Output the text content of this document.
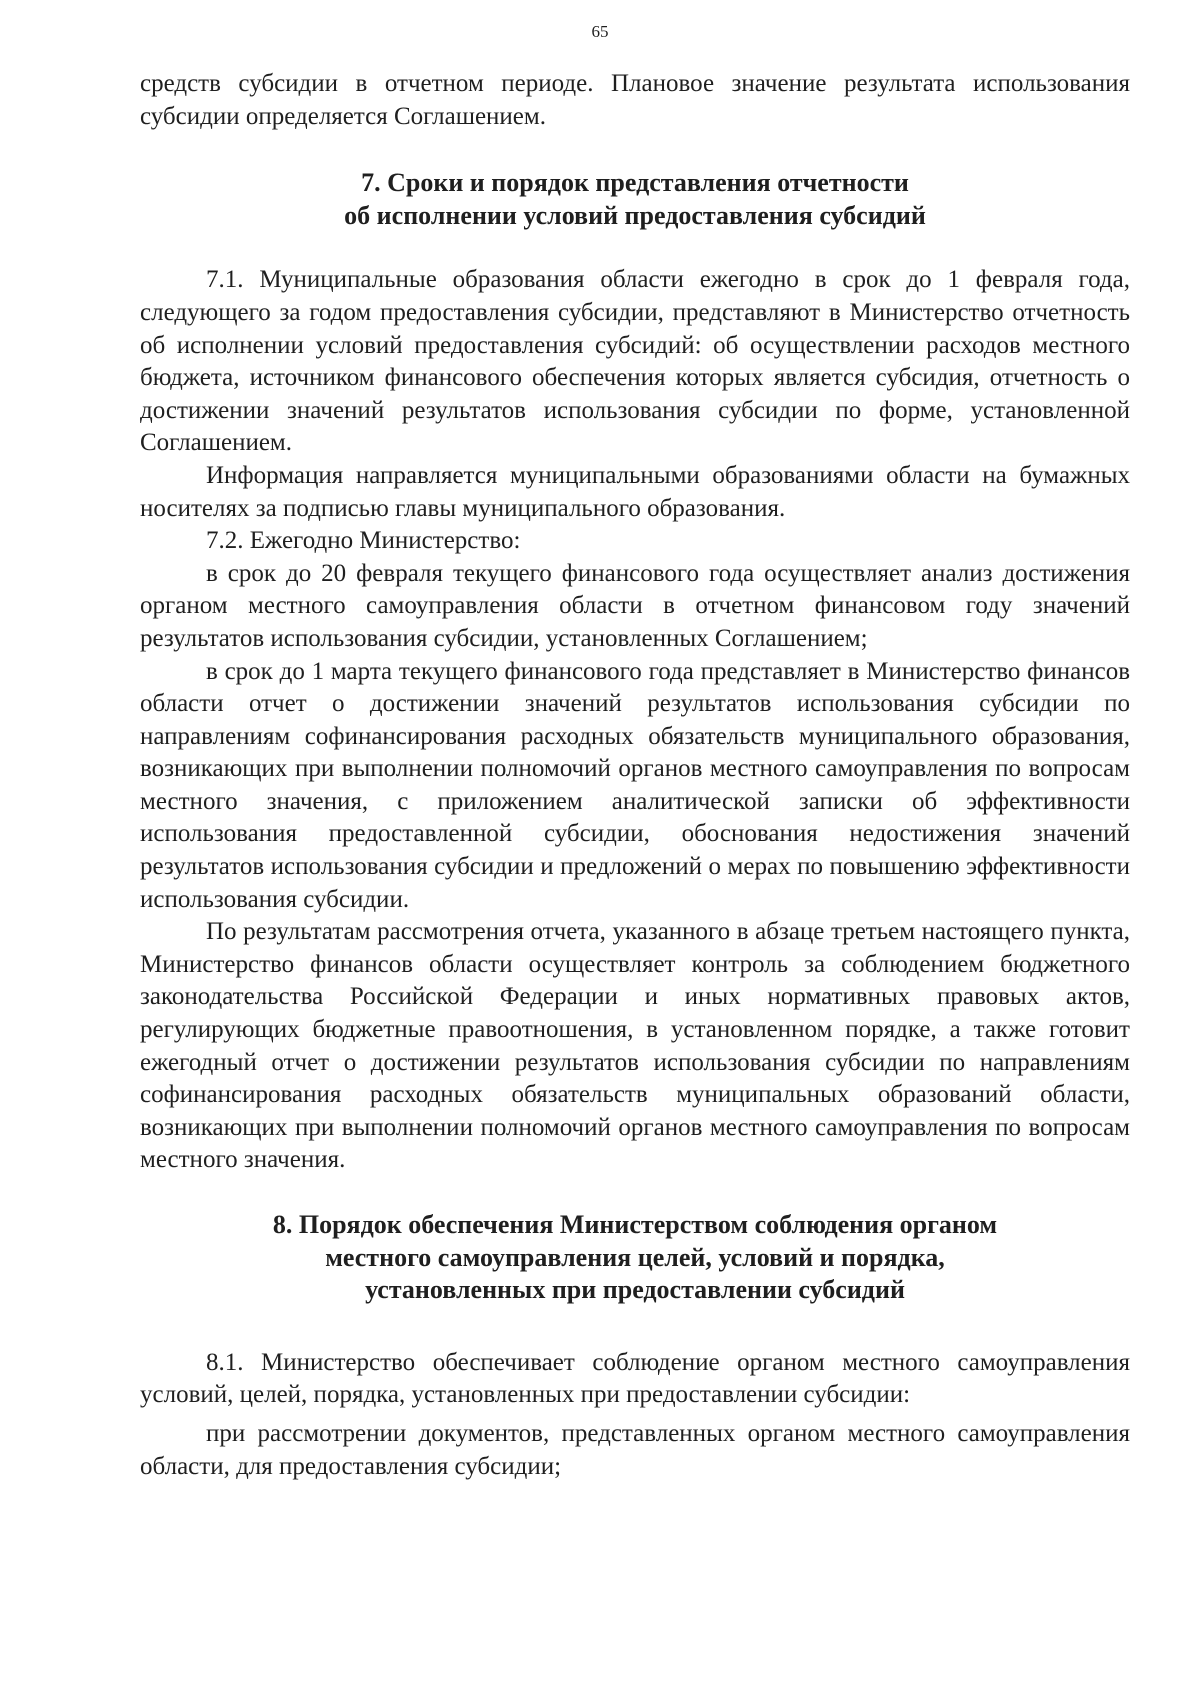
65

средств субсидии в отчетном периоде. Плановое значение результата использования субсидии определяется Соглашением.

7. Сроки и порядок представления отчетности
об исполнении условий предоставления субсидий

7.1. Муниципальные образования области ежегодно в срок до 1 февраля года, следующего за годом предоставления субсидии, представляют в Министерство отчетность об исполнении условий предоставления субсидий: об осуществлении расходов местного бюджета, источником финансового обеспечения которых является субсидия, отчетность о достижении значений результатов использования субсидии по форме, установленной Соглашением.

Информация направляется муниципальными образованиями области на бумажных носителях за подписью главы муниципального образования.

7.2. Ежегодно Министерство:

в срок до 20 февраля текущего финансового года осуществляет анализ достижения органом местного самоуправления области в отчетном финансовом году значений результатов использования субсидии, установленных Соглашением;

в срок до 1 марта текущего финансового года представляет в Министерство финансов области отчет о достижении значений результатов использования субсидии по направлениям софинансирования расходных обязательств муниципального образования, возникающих при выполнении полномочий органов местного самоуправления по вопросам местного значения, с приложением аналитической записки об эффективности использования предоставленной субсидии, обоснования недостижения значений результатов использования субсидии и предложений о мерах по повышению эффективности использования субсидии.

По результатам рассмотрения отчета, указанного в абзаце третьем настоящего пункта, Министерство финансов области осуществляет контроль за соблюдением бюджетного законодательства Российской Федерации и иных нормативных правовых актов, регулирующих бюджетные правоотношения, в установленном порядке, а также готовит ежегодный отчет о достижении результатов использования субсидии по направлениям софинансирования расходных обязательств муниципальных образований области, возникающих при выполнении полномочий органов местного самоуправления по вопросам местного значения.

8. Порядок обеспечения Министерством соблюдения органом
местного самоуправления целей, условий и порядка,
установленных при предоставлении субсидий

8.1. Министерство обеспечивает соблюдение органом местного самоуправления условий, целей, порядка, установленных при предоставлении субсидии:

при рассмотрении документов, представленных органом местного самоуправления области, для предоставления субсидии;
